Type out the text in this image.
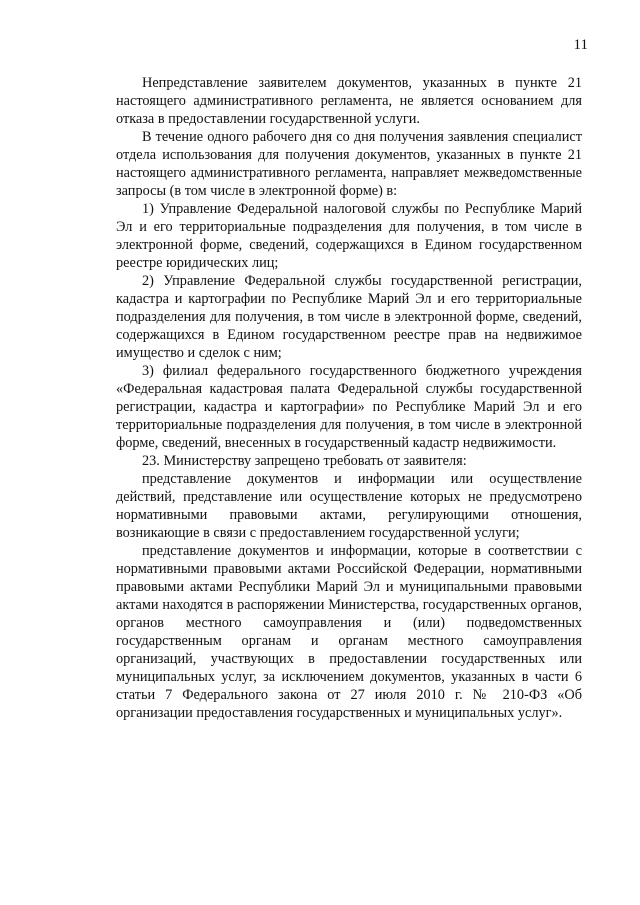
11

Непредставление заявителем документов, указанных в пункте 21 настоящего административного регламента, не является основанием для отказа в предоставлении государственной услуги.

В течение одного рабочего дня со дня получения заявления специалист отдела использования для получения документов, указанных в пункте 21 настоящего административного регламента, направляет межведомственные запросы (в том числе в электронной форме) в:

1) Управление Федеральной налоговой службы по Республике Марий Эл и его территориальные подразделения для получения, в том числе в электронной форме, сведений, содержащихся в Едином государственном реестре юридических лиц;

2) Управление Федеральной службы государственной регистрации, кадастра и картографии по Республике Марий Эл и его территориальные подразделения для получения, в том числе в электронной форме, сведений, содержащихся в Едином государственном реестре прав на недвижимое имущество и сделок с ним;

3) филиал федерального государственного бюджетного учреждения «Федеральная кадастровая палата Федеральной службы государственной регистрации, кадастра и картографии» по Республике Марий Эл и его территориальные подразделения для получения, в том числе в электронной форме, сведений, внесенных в государственный кадастр недвижимости.

23. Министерству запрещено требовать от заявителя:

представление документов и информации или осуществление действий, представление или осуществление которых не предусмотрено нормативными правовыми актами, регулирующими отношения, возникающие в связи с предоставлением государственной услуги;

представление документов и информации, которые в соответствии с нормативными правовыми актами Российской Федерации, нормативными правовыми актами Республики Марий Эл и муниципальными правовыми актами находятся в распоряжении Министерства, государственных органов, органов местного самоуправления и (или) подведомственных государственным органам и органам местного самоуправления организаций, участвующих в предоставлении государственных или муниципальных услуг, за исключением документов, указанных в части 6 статьи 7 Федерального закона от 27 июля 2010 г. № 210-ФЗ «Об организации предоставления государственных и муниципальных услуг».
